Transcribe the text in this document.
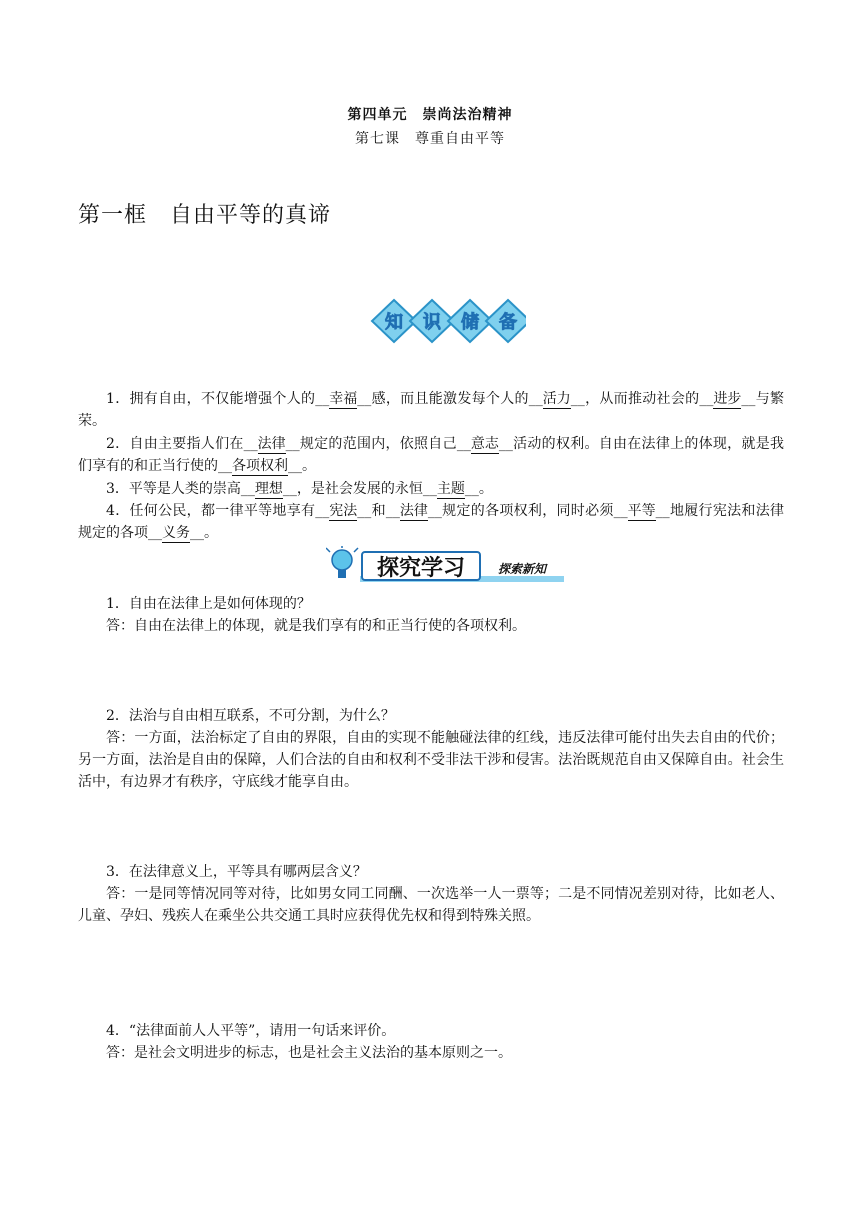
第四单元　崇尚法治精神
第七课　尊重自由平等
第一框　自由平等的真谛
知 识 储 备
1．拥有自由，不仅能增强个人的__幸福__感，而且能激发每个人的__活力__，从而推动社会的__进步__与繁荣。
2．自由主要指人们在__法律__规定的范围内，依照自己__意志__活动的权利。自由在法律上的体现，就是我们享有的和正当行使的__各项权利__。
3．平等是人类的崇高__理想__，是社会发展的永恒__主题__。
4．任何公民，都一律平等地享有__宪法__和__法律__规定的各项权利，同时必须__平等__地履行宪法和法律规定的各项__义务__。
探究学习	探索新知
1．自由在法律上是如何体现的？
答：自由在法律上的体现，就是我们享有的和正当行使的各项权利。
2．法治与自由相互联系，不可分割，为什么？
答：一方面，法治标定了自由的界限，自由的实现不能触碰法律的红线，违反法律可能付出失去自由的代价；另一方面，法治是自由的保障，人们合法的自由和权利不受非法干涉和侵害。法治既规范自由又保障自由。社会生活中，有边界才有秩序，守底线才能享自由。
3．在法律意义上，平等具有哪两层含义？
答：一是同等情况同等对待，比如男女同工同酬、一次选举一人一票等；二是不同情况差别对待，比如老人、儿童、孕妇、残疾人在乘坐公共交通工具时应获得优先权和得到特殊关照。
4．“法律面前人人平等”，请用一句话来评价。
答：是社会文明进步的标志，也是社会主义法治的基本原则之一。
